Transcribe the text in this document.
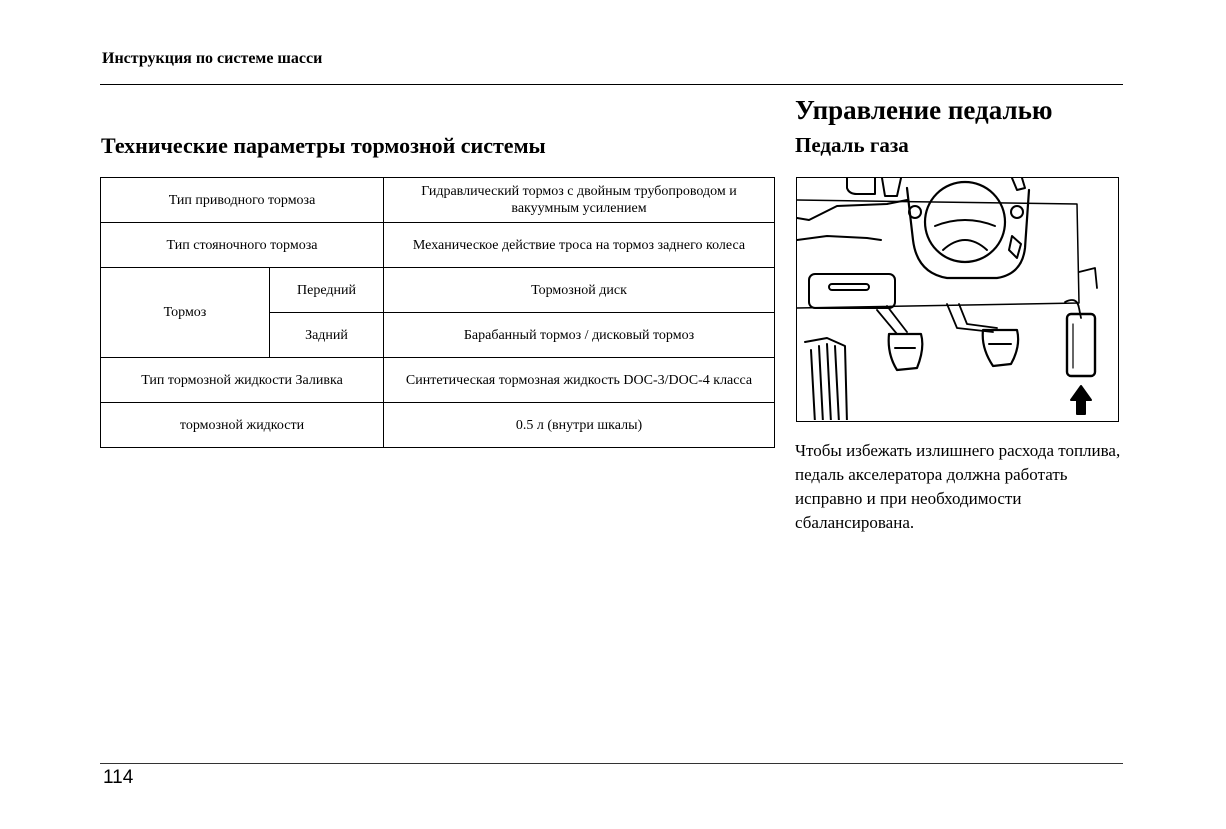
Инструкция по системе шасси
Технические параметры тормозной системы
Тип приводного тормоза		Гидравлический тормоз с двойным трубопроводом и вакуумным усилением
Тип стояночного тормоза		Механическое действие троса на тормоз заднего колеса
Тормоз	Передний	Тормозной диск
	Задний	Барабанный тормоз / дисковый тормоз
Тип тормозной жидкости Заливка		Синтетическая тормозная жидкость DOC-3/DOC-4 класса
тормозной жидкости		0.5 л (внутри шкалы)
Управление педалью
Педаль газа
Чтобы избежать излишнего расхода топлива, педаль акселератора должна работать исправно и при необходимости сбалансирована.
114
